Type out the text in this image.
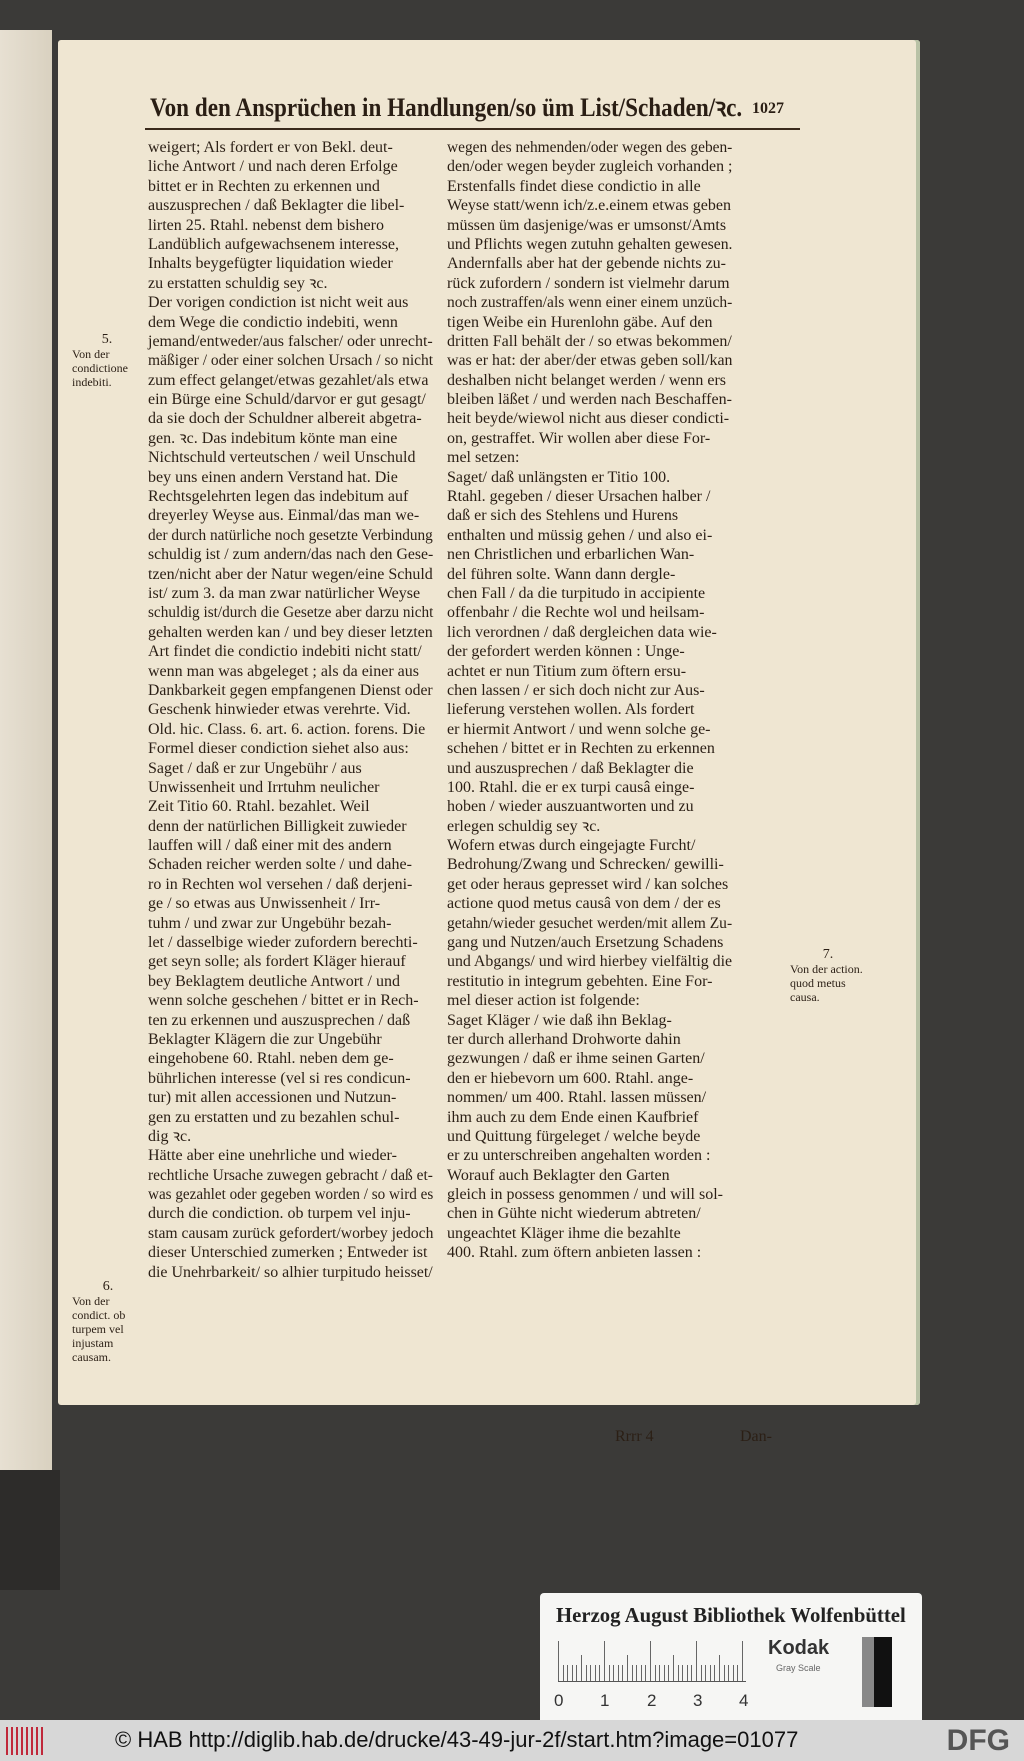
Von den Ansprüchen in Handlungen/so üm List/Schaden/ꝛc. 1027
weigert; Als fordert er von Bekl. deut-
liche Antwort / und nach deren Erfolge
bittet er in Rechten zu erkennen und
auszusprechen / daß Beklagter die libel-
lirten 25. Rtahl. nebenst dem bishero
Landüblich aufgewachsenem interesse,
Inhalts beygefügter liquidation wieder
zu erstatten schuldig sey ꝛc.
Der vorigen condiction ist nicht weit aus
dem Wege die condictio indebiti, wenn
jemand/entweder/aus falscher/ oder unrecht-
mäßiger / oder einer solchen Ursach / so nicht
zum effect gelanget/etwas gezahlet/als etwa
ein Bürge eine Schuld/darvor er gut gesagt/
da sie doch der Schuldner albereit abgetra-
gen. ꝛc. Das indebitum könte man eine
Nichtschuld verteutschen / weil Unschuld
bey uns einen andern Verstand hat. Die
Rechtsgelehrten legen das indebitum auf
dreyerley Weyse aus. Einmal/das man we-
der durch natürliche noch gesetzte Verbindung
schuldig ist / zum andern/das nach den Gese-
tzen/nicht aber der Natur wegen/eine Schuld
ist/ zum 3. da man zwar natürlicher Weyse
schuldig ist/durch die Gesetze aber darzu nicht
gehalten werden kan / und bey dieser letzten
Art findet die condictio indebiti nicht statt/
wenn man was abgeleget ; als da einer aus
Dankbarkeit gegen empfangenen Dienst oder
Geschenk hinwieder etwas verehrte. Vid.
Old. hic. Class. 6. art. 6. action. forens. Die
Formel dieser condiction siehet also aus:
Saget / daß er zur Ungebühr / aus
Unwissenheit und Irrtuhm neulicher
Zeit Titio 60. Rtahl. bezahlet. Weil
denn der natürlichen Billigkeit zuwieder
lauffen will / daß einer mit des andern
Schaden reicher werden solte / und dahe-
ro in Rechten wol versehen / daß derjeni-
ge / so etwas aus Unwissenheit / Irr-
tuhm / und zwar zur Ungebühr bezah-
let / dasselbige wieder zufordern berechti-
get seyn solle; als fordert Kläger hierauf
bey Beklagtem deutliche Antwort / und
wenn solche geschehen / bittet er in Rech-
ten zu erkennen und auszusprechen / daß
Beklagter Klägern die zur Ungebühr
eingehobene 60. Rtahl. neben dem ge-
bührlichen interesse (vel si res condicun-
tur) mit allen accessionen und Nutzun-
gen zu erstatten und zu bezahlen schul-
dig ꝛc.
Hätte aber eine unehrliche und wieder-
rechtliche Ursache zuwegen gebracht / daß et-
was gezahlet oder gegeben worden / so wird es
durch die condiction. ob turpem vel inju-
stam causam zurück gefordert/worbey jedoch
dieser Unterschied zumerken ; Entweder ist
die Unehrbarkeit/ so alhier turpitudo heisset/
wegen des nehmenden/oder wegen des geben-
den/oder wegen beyder zugleich vorhanden ;
Erstenfalls findet diese condictio in alle
Weyse statt/wenn ich/z.e.einem etwas geben
müssen üm dasjenige/was er umsonst/Amts
und Pflichts wegen zutuhn gehalten gewesen.
Andernfalls aber hat der gebende nichts zu-
rück zufordern / sondern ist vielmehr darum
noch zustraffen/als wenn einer einem unzüch-
tigen Weibe ein Hurenlohn gäbe. Auf den
dritten Fall behält der / so etwas bekommen/
was er hat: der aber/der etwas geben soll/kan
deshalben nicht belanget werden / wenn ers
bleiben läßet / und werden nach Beschaffen-
heit beyde/wiewol nicht aus dieser condicti-
on, gestraffet. Wir wollen aber diese For-
mel setzen:
Saget/ daß unlängsten er Titio 100.
Rtahl. gegeben / dieser Ursachen halber /
daß er sich des Stehlens und Hurens
enthalten und müssig gehen / und also ei-
nen Christlichen und erbarlichen Wan-
del führen solte. Wann dann dergle-
chen Fall / da die turpitudo in accipiente
offenbahr / die Rechte wol und heilsam-
lich verordnen / daß dergleichen data wie-
der gefordert werden können : Unge-
achtet er nun Titium zum öftern ersu-
chen lassen / er sich doch nicht zur Aus-
lieferung verstehen wollen. Als fordert
er hiermit Antwort / und wenn solche ge-
schehen / bittet er in Rechten zu erkennen
und auszusprechen / daß Beklagter die
100. Rtahl. die er ex turpi causâ einge-
hoben / wieder auszuantworten und zu
erlegen schuldig sey ꝛc.
Wofern etwas durch eingejagte Furcht/
Bedrohung/Zwang und Schrecken/ gewilli-
get oder heraus gepresset wird / kan solches
actione quod metus causâ von dem / der es
getahn/wieder gesuchet werden/mit allem Zu-
gang und Nutzen/auch Ersetzung Schadens
und Abgangs/ und wird hierbey vielfältig die
restitutio in integrum gebehten. Eine For-
mel dieser action ist folgende:
Saget Kläger / wie daß ihn Beklag-
ter durch allerhand Drohworte dahin
gezwungen / daß er ihme seinen Garten/
den er hiebevorn um 600. Rtahl. ange-
nommen/ um 400. Rtahl. lassen müssen/
ihm auch zu dem Ende einen Kaufbrief
und Quittung fürgeleget / welche beyde
er zu unterschreiben angehalten worden :
Worauf auch Beklagter den Garten
gleich in possess genommen / und will sol-
chen in Gühte nicht wiederum abtreten/
ungeachtet Kläger ihme die bezahlte
400. Rtahl. zum öftern anbieten lassen :
5.
Von der condictione indebiti.
6.
Von der condict. ob turpem vel injustam causam.
7.
Von der action. quod metus causa.
Rrrr 4	Dan-
Herzog August Bibliothek Wolfenbüttel
0 1 2 3 4
Kodak
Gray Scale
© HAB http://diglib.hab.de/drucke/43-49-jur-2f/start.htm?image=01077	DFG
